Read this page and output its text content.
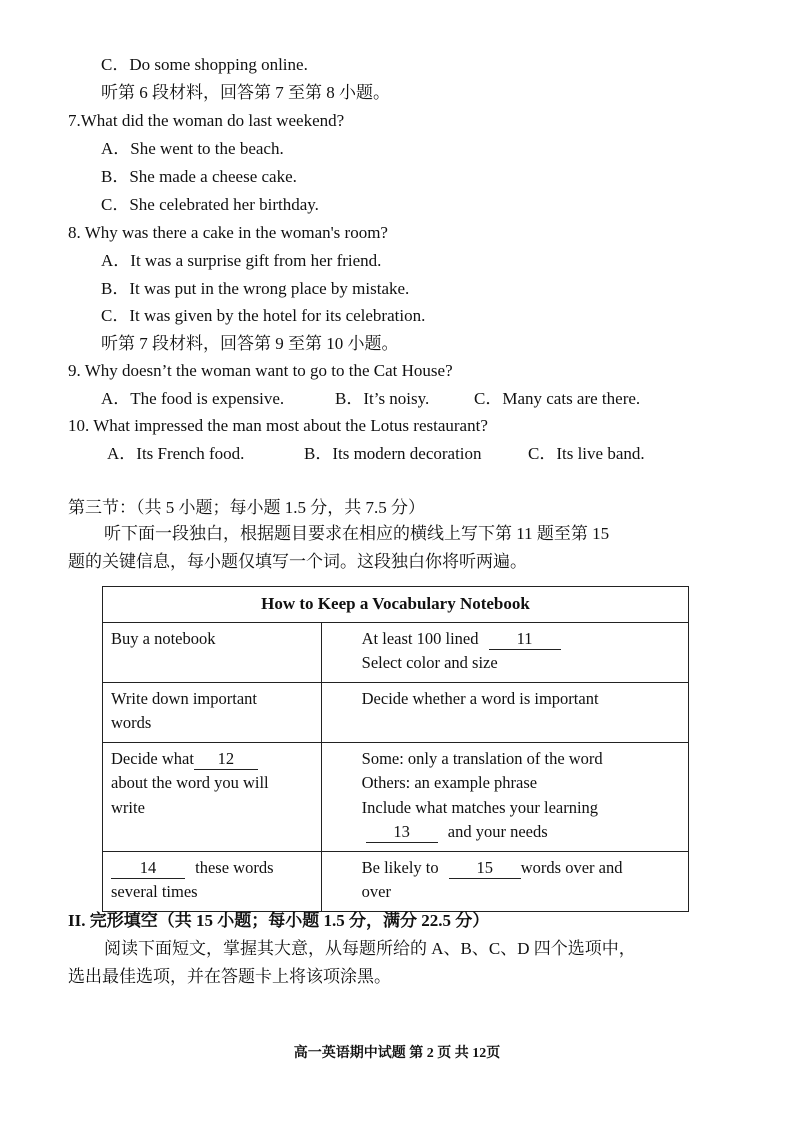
C．Do some shopping online.
听第 6 段材料，回答第 7 至第 8 小题。
7.What did the woman do last weekend?
A．She went to the beach.
B．She made a cheese cake.
C．She celebrated her birthday.
8. Why was there a cake in the woman's room?
A．It was a surprise gift from her friend.
B．It was put in the wrong place by mistake.
C．It was given by the hotel for its celebration.
听第 7 段材料，回答第 9 至第 10 小题。
9. Why doesn’t the woman want to go to the Cat House?
A．The food is expensive.	B．It’s noisy.	C．Many cats are there.
10. What impressed the man most about the Lotus restaurant?
A．Its French food.	B．Its modern decoration	C．Its live band.
第三节：（共 5 小题；每小题 1.5 分，共 7.5 分）
听下面一段独白，根据题目要求在相应的横线上写下第 11 题至第 15
题的关键信息，每小题仅填写一个词。这段独白你将听两遍。
How to Keep a Vocabulary Notebook	
Buy a notebook	At least 100 lined 11
Select color and size
Write down important
words	Decide whether a word is important
Decide what 12
about the word you will
write	Some: only a translation of the word
Others: an example phrase
Include what matches your learning
13 and your needs
14 these words
several times	Be likely to 15 words over and
over
II. 完形填空（共 15 小题；每小题 1.5 分，满分 22.5 分）
阅读下面短文，掌握其大意，从每题所给的 A、B、C、D 四个选项中，
选出最佳选项，并在答题卡上将该项涂黑。
高一英语期中试题 第 2 页 共 12页
